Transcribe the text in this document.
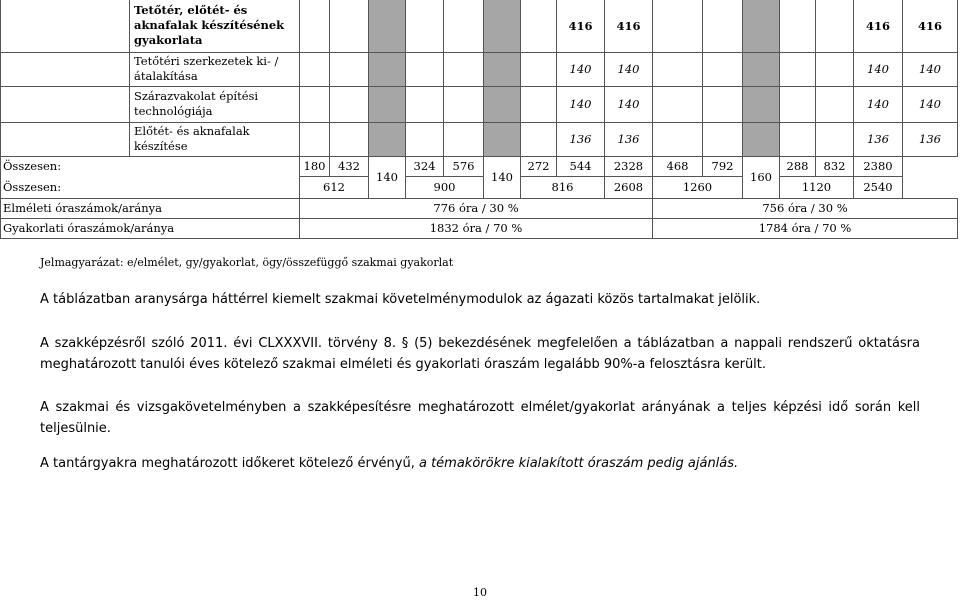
	Tetőtér, előtét- és aknafalak készítésének gyakorlata								416	416						416	416
	Tetőtéri szerkezetek ki- / átalakítása								140	140						140	140
	Szárazvakolat építési technológiája								140	140						140	140
	Előtét- és aknafalak készítése								136	136						136	136
Összesen:		180	432	140	324	576	140	272	544	2328	468	792	160	288	832	2380	
Összesen:		612			900			816		2608	1260			1120		2540	
Elméleti óraszámok/aránya		776 óra / 30 %									756 óra / 30 %						
Gyakorlati óraszámok/aránya		1832 óra / 70 %									1784 óra / 70 %						
Jelmagyarázat: e/elmélet, gy/gyakorlat, ögy/összefüggő szakmai gyakorlat
A táblázatban aranysárga háttérrel kiemelt szakmai követelménymodulok az ágazati közös tartalmakat jelölik.
A szakképzésről szóló 2011. évi CLXXXVII. törvény 8. § (5) bekezdésének megfelelően a táblázatban a nappali rendszerű oktatásra meghatározott tanulói éves kötelező szakmai elméleti és gyakorlati óraszám legalább 90%-a felosztásra került.
A szakmai és vizsgakövetelményben a szakképesítésre meghatározott elmélet/gyakorlat arányának a teljes képzési idő során kell teljesülnie.
A tantárgyakra meghatározott időkeret kötelező érvényű, a témakörökre kialakított óraszám pedig ajánlás.
10
